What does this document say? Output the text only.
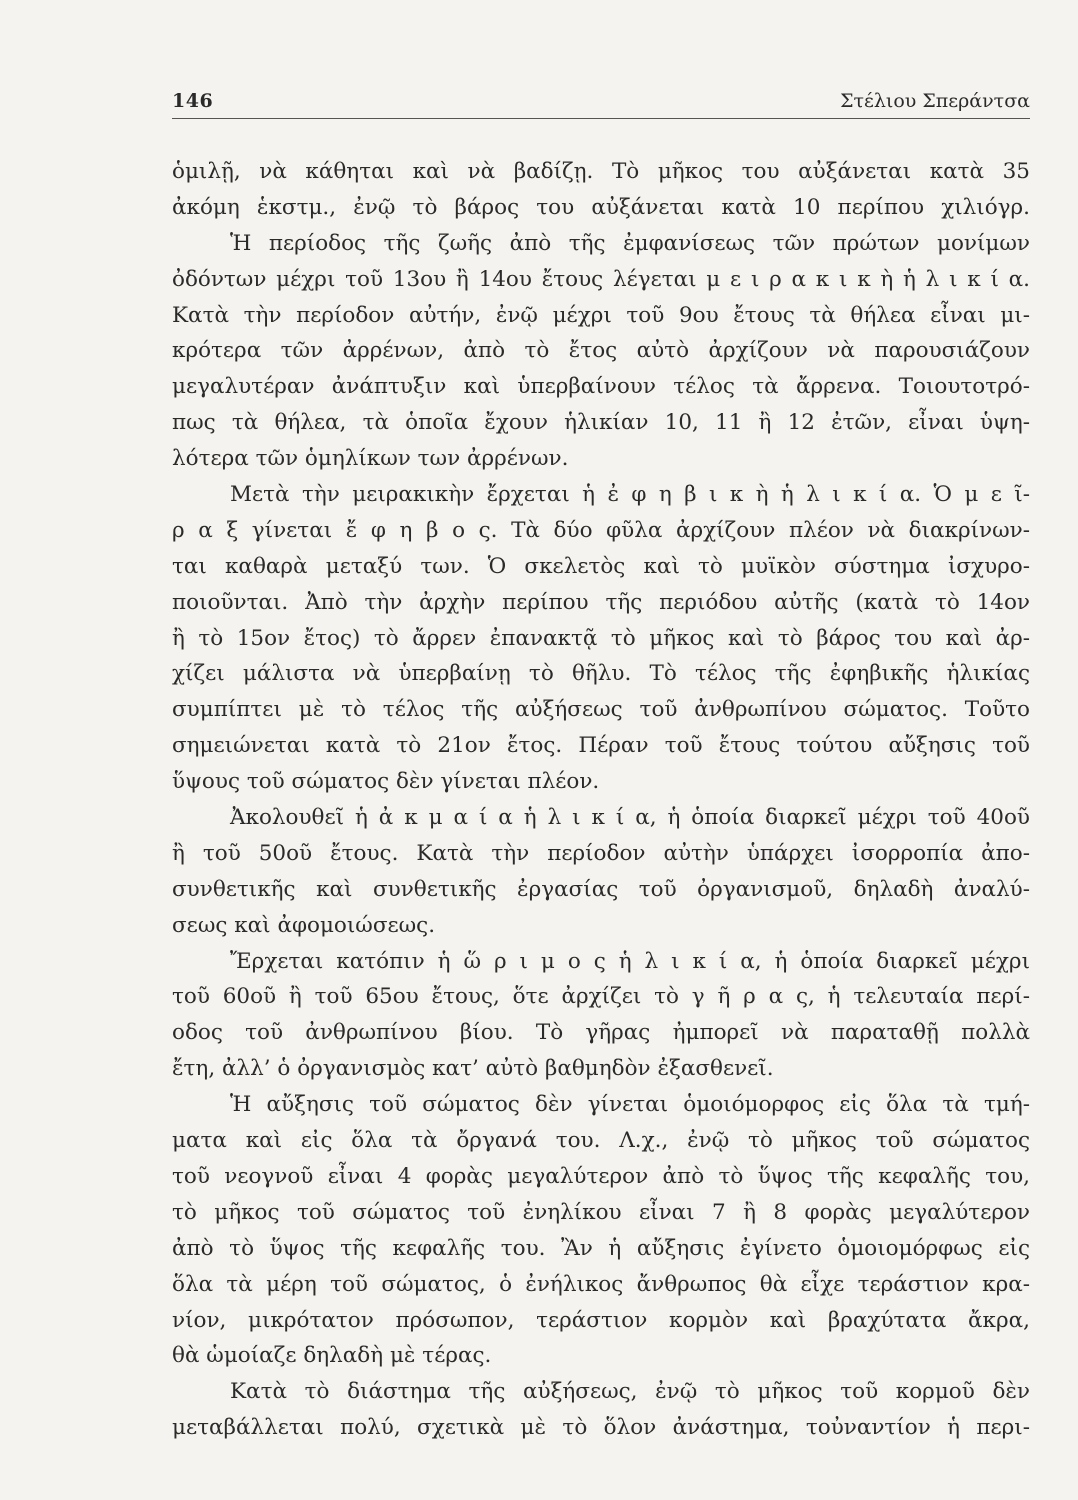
146	Στέλιου Σπεράντσα
ὁμιλῇ, νὰ κάθηται καὶ νὰ βαδίζῃ. Τὸ μῆκος του αὐξάνεται κατὰ 35
ἀκόμη ἑκστμ., ἐνῷ τὸ βάρος του αὐξάνεται κατὰ 10 περίπου χιλιόγρ.
Ἡ περίοδος τῆς ζωῆς ἀπὸ τῆς ἐμφανίσεως τῶν πρώτων μονίμων
ὀδόντων μέχρι τοῦ 13ου ἢ 14ου ἔτους λέγεται μ ε ι ρ α κ ι κ ὴ ἡ λ ι κ ί α.
Κατὰ τὴν περίοδον αὐτήν, ἐνῷ μέχρι τοῦ 9ου ἔτους τὰ θήλεα εἶναι μι-
κρότερα τῶν ἀρρένων, ἀπὸ τὸ ἔτος αὐτὸ ἀρχίζουν νὰ παρουσιάζουν
μεγαλυτέραν ἀνάπτυξιν καὶ ὑπερβαίνουν τέλος τὰ ἄρρενα. Τοιουτοτρό-
πως τὰ θήλεα, τὰ ὁποῖα ἔχουν ἡλικίαν 10, 11 ἢ 12 ἐτῶν, εἶναι ὑψη-
λότερα τῶν ὁμηλίκων των ἀρρένων.
Μετὰ τὴν μειρακικὴν ἔρχεται ἡ ἐ φ η β ι κ ὴ ἡ λ ι κ ί α. Ὁ μ ε ῖ-
ρ α ξ γίνεται ἔ φ η β ο ς. Τὰ δύο φῦλα ἀρχίζουν πλέον νὰ διακρίνων-
ται καθαρὰ μεταξύ των. Ὁ σκελετὸς καὶ τὸ μυϊκὸν σύστημα ἰσχυρο-
ποιοῦνται. Ἀπὸ τὴν ἀρχὴν περίπου τῆς περιόδου αὐτῆς (κατὰ τὸ 14ον
ἢ τὸ 15ον ἔτος) τὸ ἄρρεν ἐπανακτᾷ τὸ μῆκος καὶ τὸ βάρος του καὶ ἀρ-
χίζει μάλιστα νὰ ὑπερβαίνῃ τὸ θῆλυ. Τὸ τέλος τῆς ἐφηβικῆς ἡλικίας
συμπίπτει μὲ τὸ τέλος τῆς αὐξήσεως τοῦ ἀνθρωπίνου σώματος. Τοῦτο
σημειώνεται κατὰ τὸ 21ον ἔτος. Πέραν τοῦ ἔτους τούτου αὔξησις τοῦ
ὕψους τοῦ σώματος δὲν γίνεται πλέον.
Ἀκολουθεῖ ἡ ἀ κ μ α ί α ἡ λ ι κ ί α, ἡ ὁποία διαρκεῖ μέχρι τοῦ 40οῦ
ἢ τοῦ 50οῦ ἔτους. Κατὰ τὴν περίοδον αὐτὴν ὑπάρχει ἰσορροπία ἀπο-
συνθετικῆς καὶ συνθετικῆς ἐργασίας τοῦ ὀργανισμοῦ, δηλαδὴ ἀναλύ-
σεως καὶ ἀφομοιώσεως.
Ἔρχεται κατόπιν ἡ ὥ ρ ι μ ο ς ἡ λ ι κ ί α, ἡ ὁποία διαρκεῖ μέχρι
τοῦ 60οῦ ἢ τοῦ 65ου ἔτους, ὅτε ἀρχίζει τὸ γ ῆ ρ α ς, ἡ τελευταία περί-
οδος τοῦ ἀνθρωπίνου βίου. Τὸ γῆρας ἠμπορεῖ νὰ παραταθῇ πολλὰ
ἔτη, ἀλλ’ ὁ ὀργανισμὸς κατ’ αὐτὸ βαθμηδὸν ἐξασθενεῖ.
Ἡ αὔξησις τοῦ σώματος δὲν γίνεται ὁμοιόμορφος εἰς ὅλα τὰ τμή-
ματα καὶ εἰς ὅλα τὰ ὄργανά του. Λ.χ., ἐνῷ τὸ μῆκος τοῦ σώματος
τοῦ νεογνοῦ εἶναι 4 φορὰς μεγαλύτερον ἀπὸ τὸ ὕψος τῆς κεφαλῆς του,
τὸ μῆκος τοῦ σώματος τοῦ ἐνηλίκου εἶναι 7 ἢ 8 φορὰς μεγαλύτερον
ἀπὸ τὸ ὕψος τῆς κεφαλῆς του. Ἂν ἡ αὔξησις ἐγίνετο ὁμοιομόρφως εἰς
ὅλα τὰ μέρη τοῦ σώματος, ὁ ἐνήλικος ἄνθρωπος θὰ εἶχε τεράστιον κρα-
νίον, μικρότατον πρόσωπον, τεράστιον κορμὸν καὶ βραχύτατα ἄκρα,
θὰ ὡμοίαζε δηλαδὴ μὲ τέρας.
Κατὰ τὸ διάστημα τῆς αὐξήσεως, ἐνῷ τὸ μῆκος τοῦ κορμοῦ δὲν
μεταβάλλεται πολύ, σχετικὰ μὲ τὸ ὅλον ἀνάστημα, τοὐναντίον ἡ περι-
